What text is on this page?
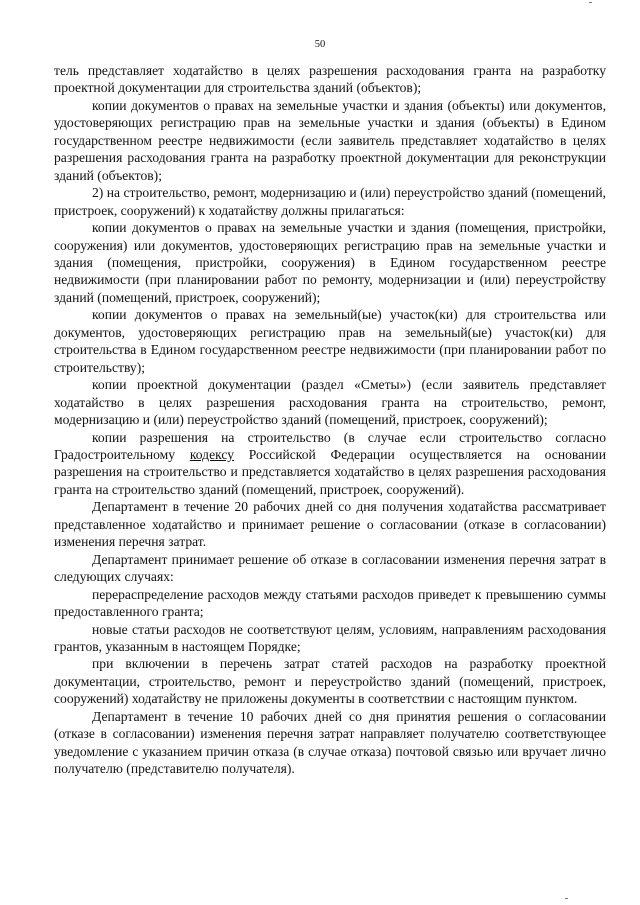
50

тель представляет ходатайство в целях разрешения расходования гранта на разработку проектной документации для строительства зданий (объектов);

копии документов о правах на земельные участки и здания (объекты) или документов, удостоверяющих регистрацию прав на земельные участки и здания (объекты) в Едином государственном реестре недвижимости (если заявитель представляет ходатайство в целях разрешения расходования гранта на разработку проектной документации для реконструкции зданий (объектов);

2) на строительство, ремонт, модернизацию и (или) переустройство зданий (помещений, пристроек, сооружений) к ходатайству должны прилагаться:

копии документов о правах на земельные участки и здания (помещения, пристройки, сооружения) или документов, удостоверяющих регистрацию прав на земельные участки и здания (помещения, пристройки, сооружения) в Едином государственном реестре недвижимости (при планировании работ по ремонту, модернизации и (или) переустройству зданий (помещений, пристроек, сооружений);

копии документов о правах на земельный(ые) участок(ки) для строительства или документов, удостоверяющих регистрацию прав на земельный(ые) участок(ки) для строительства в Едином государственном реестре недвижимости (при планировании работ по строительству);

копии проектной документации (раздел «Сметы») (если заявитель представляет ходатайство в целях разрешения расходования гранта на строительство, ремонт, модернизацию и (или) переустройство зданий (помещений, пристроек, сооружений);

копии разрешения на строительство (в случае если строительство согласно Градостроительному кодексу Российской Федерации осуществляется на основании разрешения на строительство и представляется ходатайство в целях разрешения расходования гранта на строительство зданий (помещений, пристроек, сооружений).

Департамент в течение 20 рабочих дней со дня получения ходатайства рассматривает представленное ходатайство и принимает решение о согласовании (отказе в согласовании) изменения перечня затрат.

Департамент принимает решение об отказе в согласовании изменения перечня затрат в следующих случаях:

перераспределение расходов между статьями расходов приведет к превышению суммы предоставленного гранта;

новые статьи расходов не соответствуют целям, условиям, направлениям расходования грантов, указанным в настоящем Порядке;

при включении в перечень затрат статей расходов на разработку проектной документации, строительство, ремонт и переустройство зданий (помещений, пристроек, сооружений) ходатайству не приложены документы в соответствии с настоящим пунктом.

Департамент в течение 10 рабочих дней со дня принятия решения о согласовании (отказе в согласовании) изменения перечня затрат направляет получателю соответствующее уведомление с указанием причин отказа (в случае отказа) почтовой связью или вручает лично получателю (представителю получателя).
